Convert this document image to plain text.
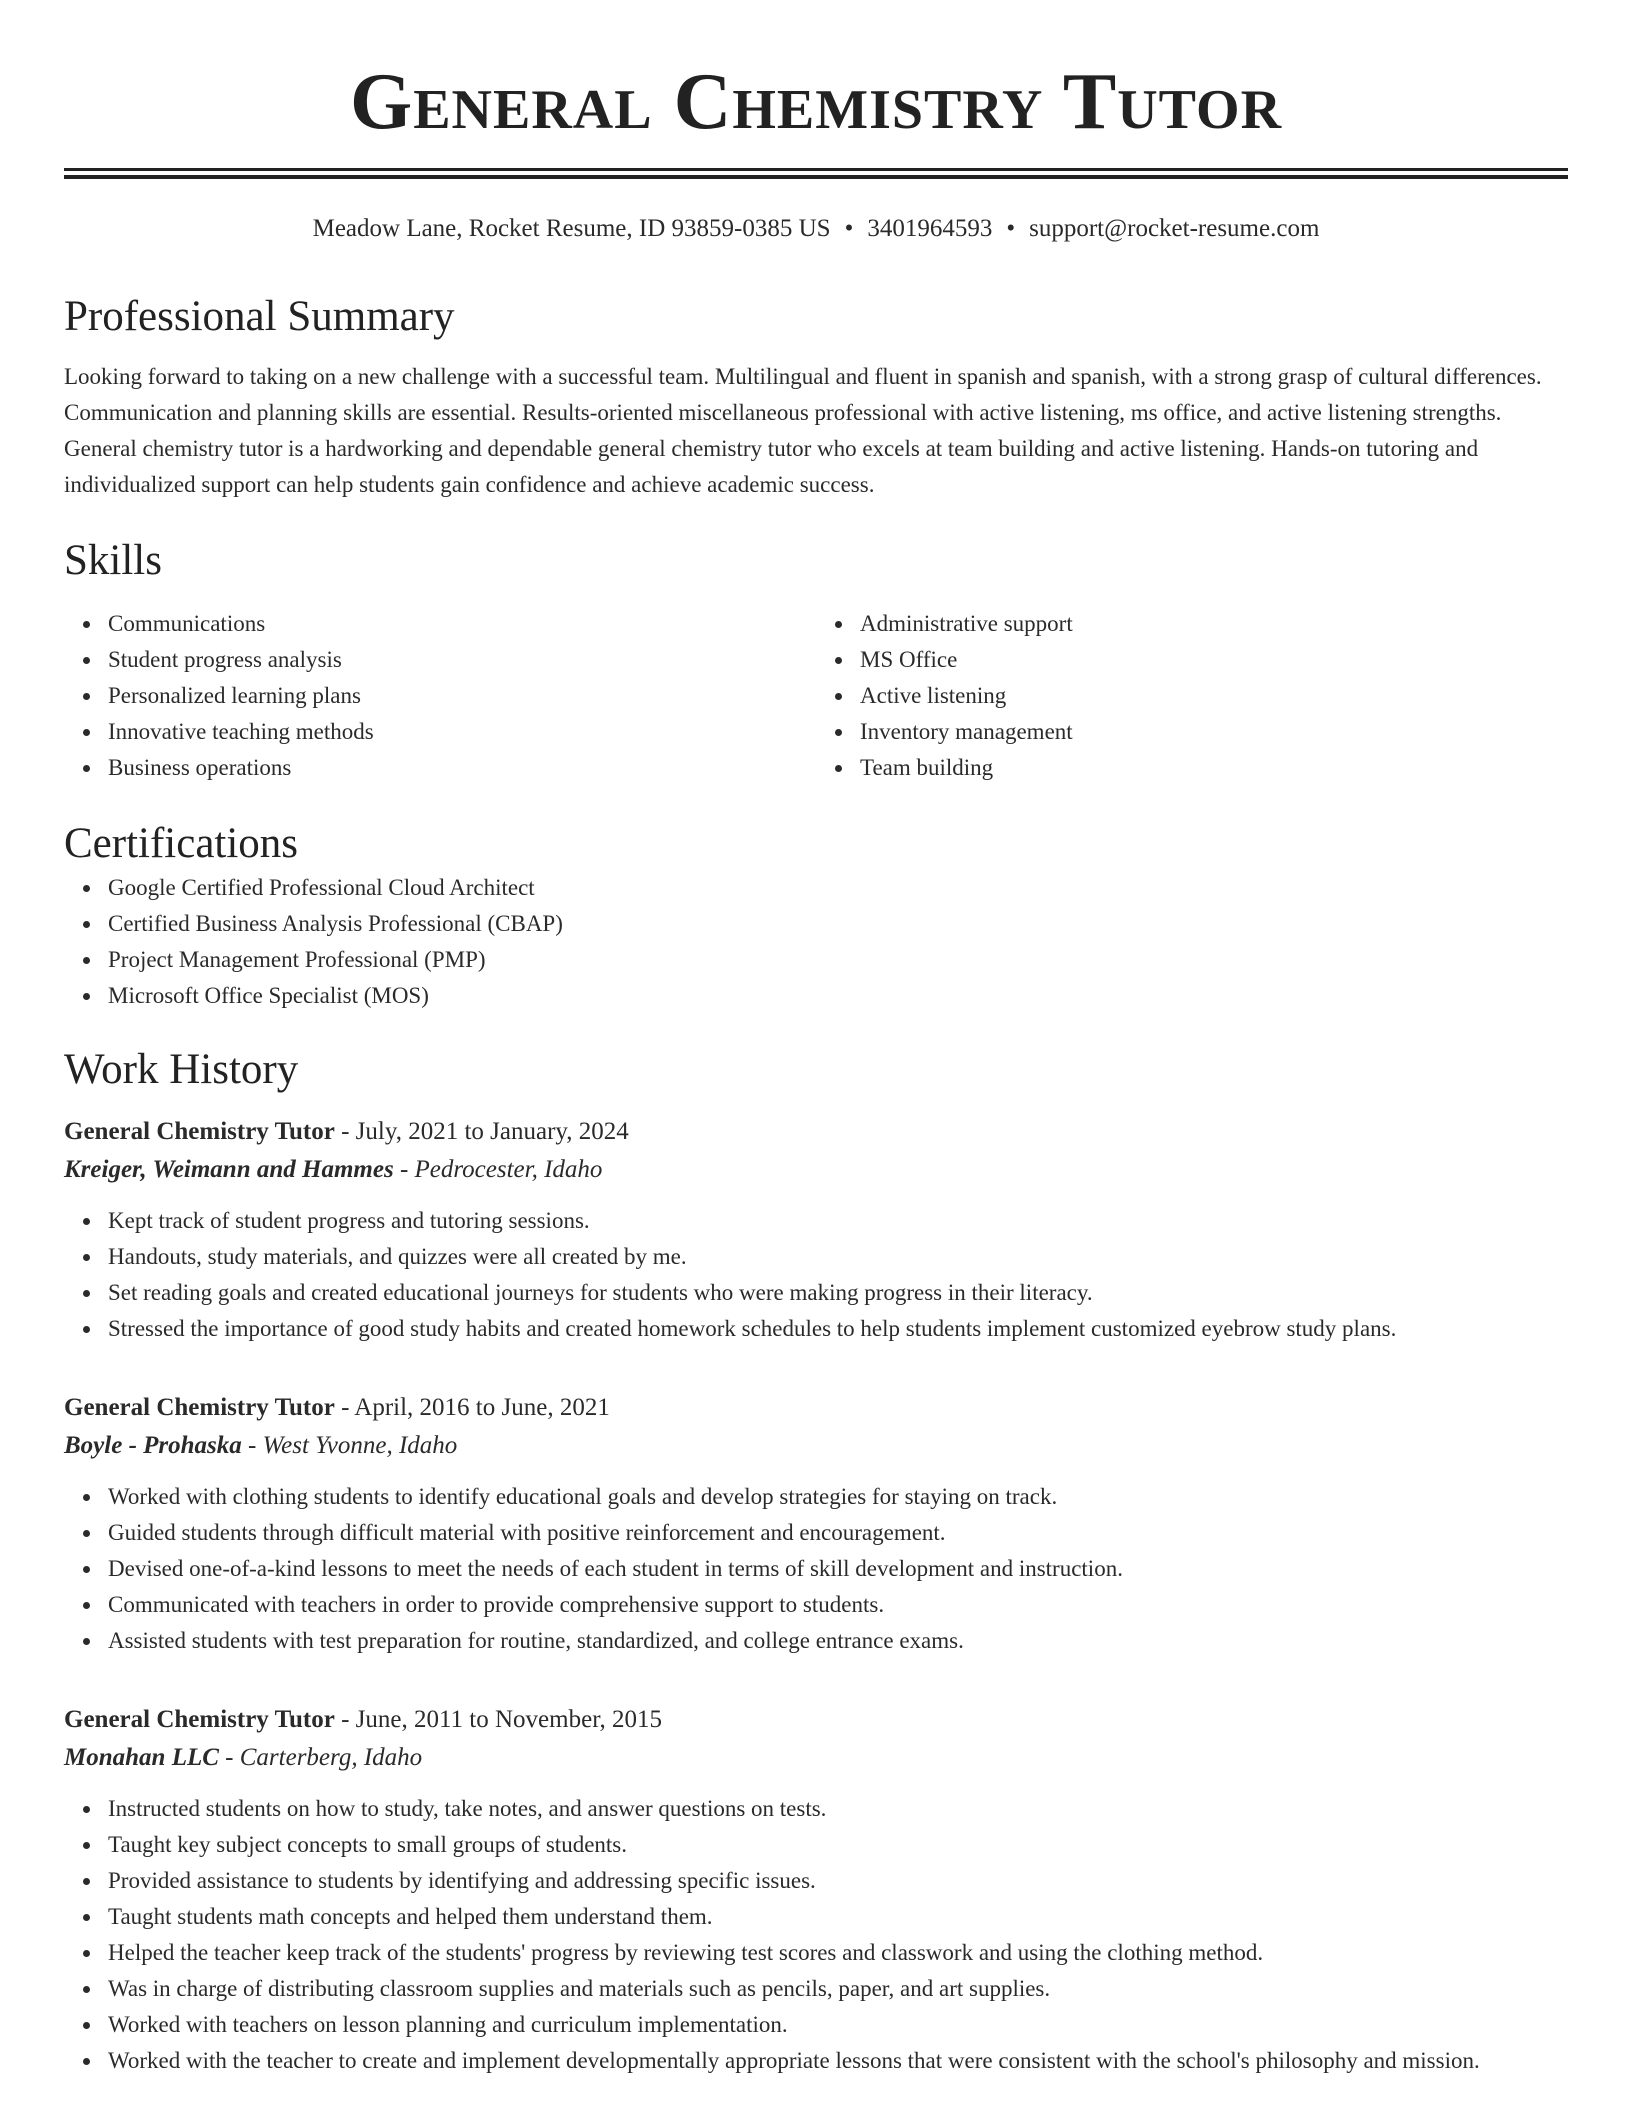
General Chemistry Tutor
Meadow Lane, Rocket Resume, ID 93859-0385 US • 3401964593 • support@rocket-resume.com
Professional Summary

Looking forward to taking on a new challenge with a successful team. Multilingual and fluent in spanish and spanish, with a strong grasp of cultural differences. Communication and planning skills are essential. Results-oriented miscellaneous professional with active listening, ms office, and active listening strengths. General chemistry tutor is a hardworking and dependable general chemistry tutor who excels at team building and active listening. Hands-on tutoring and individualized support can help students gain confidence and achieve academic success.

Skills
Communications
Student progress analysis
Personalized learning plans
Innovative teaching methods
Business operations
Administrative support
MS Office
Active listening
Inventory management
Team building
Certifications
Google Certified Professional Cloud Architect
Certified Business Analysis Professional (CBAP)
Project Management Professional (PMP)
Microsoft Office Specialist (MOS)
Work History
General Chemistry Tutor - July, 2021 to January, 2024
Kreiger, Weimann and Hammes - Pedrocester, Idaho
Kept track of student progress and tutoring sessions.
Handouts, study materials, and quizzes were all created by me.
Set reading goals and created educational journeys for students who were making progress in their literacy.
Stressed the importance of good study habits and created homework schedules to help students implement customized eyebrow study plans.
General Chemistry Tutor - April, 2016 to June, 2021
Boyle - Prohaska - West Yvonne, Idaho
Worked with clothing students to identify educational goals and develop strategies for staying on track.
Guided students through difficult material with positive reinforcement and encouragement.
Devised one-of-a-kind lessons to meet the needs of each student in terms of skill development and instruction.
Communicated with teachers in order to provide comprehensive support to students.
Assisted students with test preparation for routine, standardized, and college entrance exams.
General Chemistry Tutor - June, 2011 to November, 2015
Monahan LLC - Carterberg, Idaho
Instructed students on how to study, take notes, and answer questions on tests.
Taught key subject concepts to small groups of students.
Provided assistance to students by identifying and addressing specific issues.
Taught students math concepts and helped them understand them.
Helped the teacher keep track of the students' progress by reviewing test scores and classwork and using the clothing method.
Was in charge of distributing classroom supplies and materials such as pencils, paper, and art supplies.
Worked with teachers on lesson planning and curriculum implementation.
Worked with the teacher to create and implement developmentally appropriate lessons that were consistent with the school's philosophy and mission.
